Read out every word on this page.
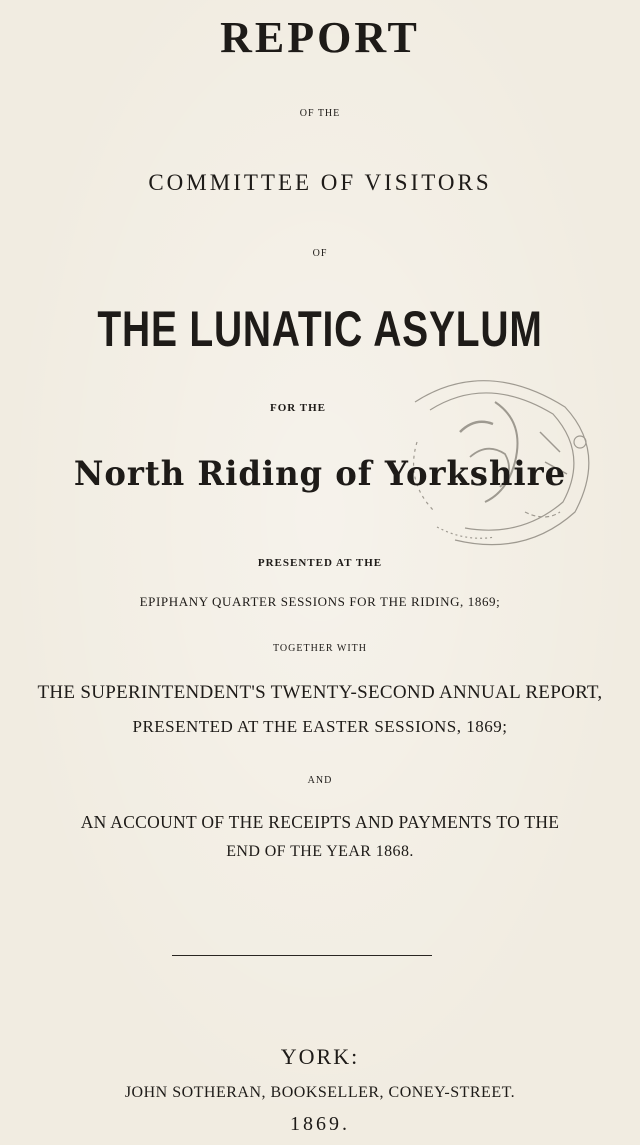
REPORT
OF THE
COMMITTEE OF VISITORS
OF
THE LUNATIC ASYLUM
FOR THE
North Riding of Yorkshire
PRESENTED AT THE
EPIPHANY QUARTER SESSIONS FOR THE RIDING, 1869;
TOGETHER WITH
THE SUPERINTENDENT'S TWENTY-SECOND ANNUAL REPORT,
PRESENTED AT THE EASTER SESSIONS, 1869;
AND
AN ACCOUNT OF THE RECEIPTS AND PAYMENTS TO THE
END OF THE YEAR 1868.
YORK:
JOHN SOTHERAN, BOOKSELLER, CONEY-STREET.
1869.
